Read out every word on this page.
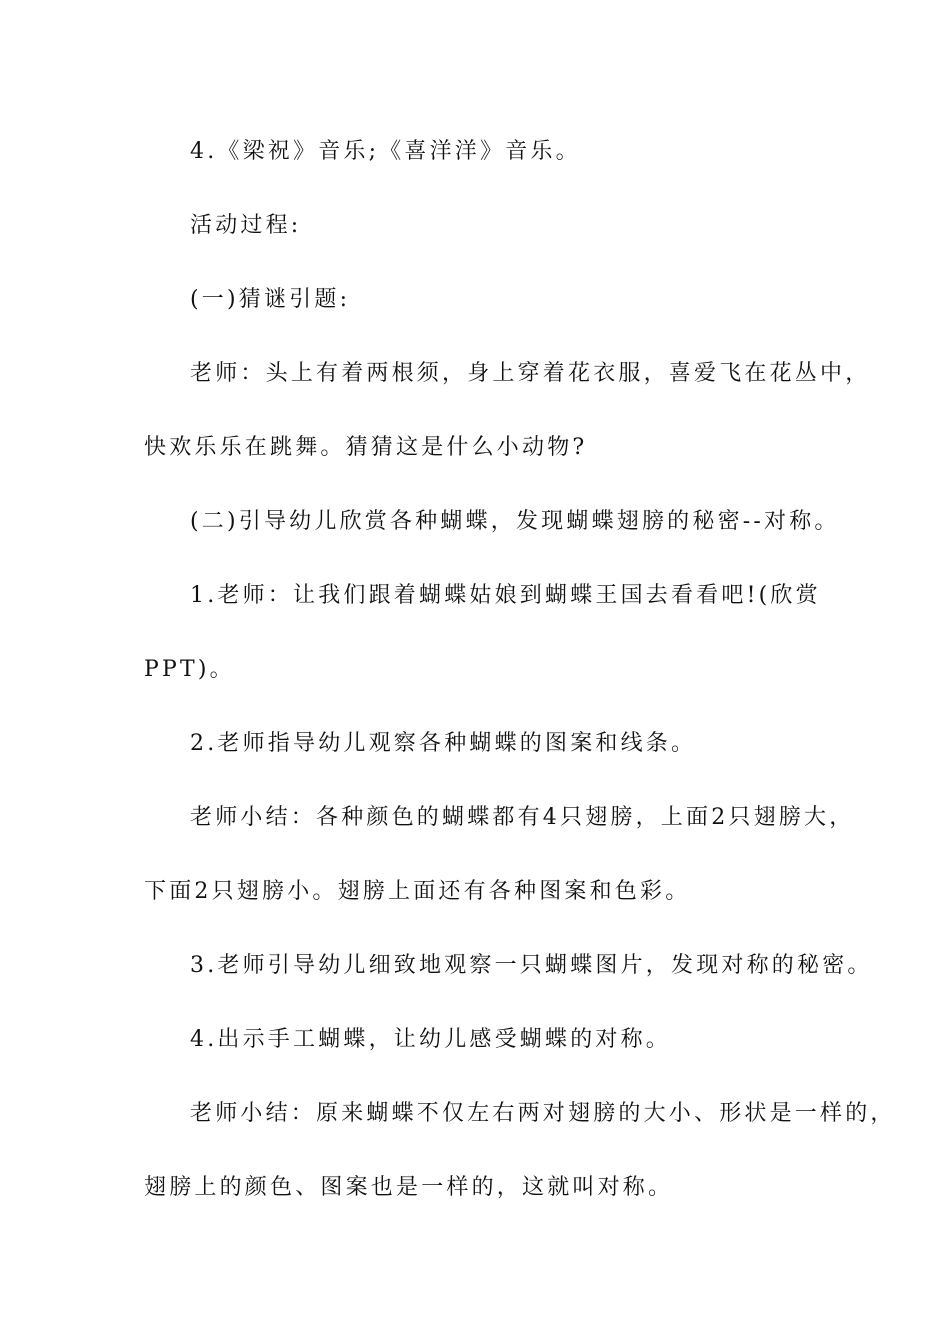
4.《梁祝》音乐;《喜洋洋》音乐。
活动过程:
(一)猜谜引题:
老师：头上有着两根须，身上穿着花衣服，喜爱飞在花丛中，
快欢乐乐在跳舞。猜猜这是什么小动物?
(二)引导幼儿欣赏各种蝴蝶，发现蝴蝶翅膀的秘密--对称。
1.老师：让我们跟着蝴蝶姑娘到蝴蝶王国去看看吧!(欣赏
PPT)。
2.老师指导幼儿观察各种蝴蝶的图案和线条。
老师小结：各种颜色的蝴蝶都有4只翅膀，上面2只翅膀大，
下面2只翅膀小。翅膀上面还有各种图案和色彩。
3.老师引导幼儿细致地观察一只蝴蝶图片，发现对称的秘密。
4.出示手工蝴蝶，让幼儿感受蝴蝶的对称。
老师小结：原来蝴蝶不仅左右两对翅膀的大小、形状是一样的，
翅膀上的颜色、图案也是一样的，这就叫对称。
